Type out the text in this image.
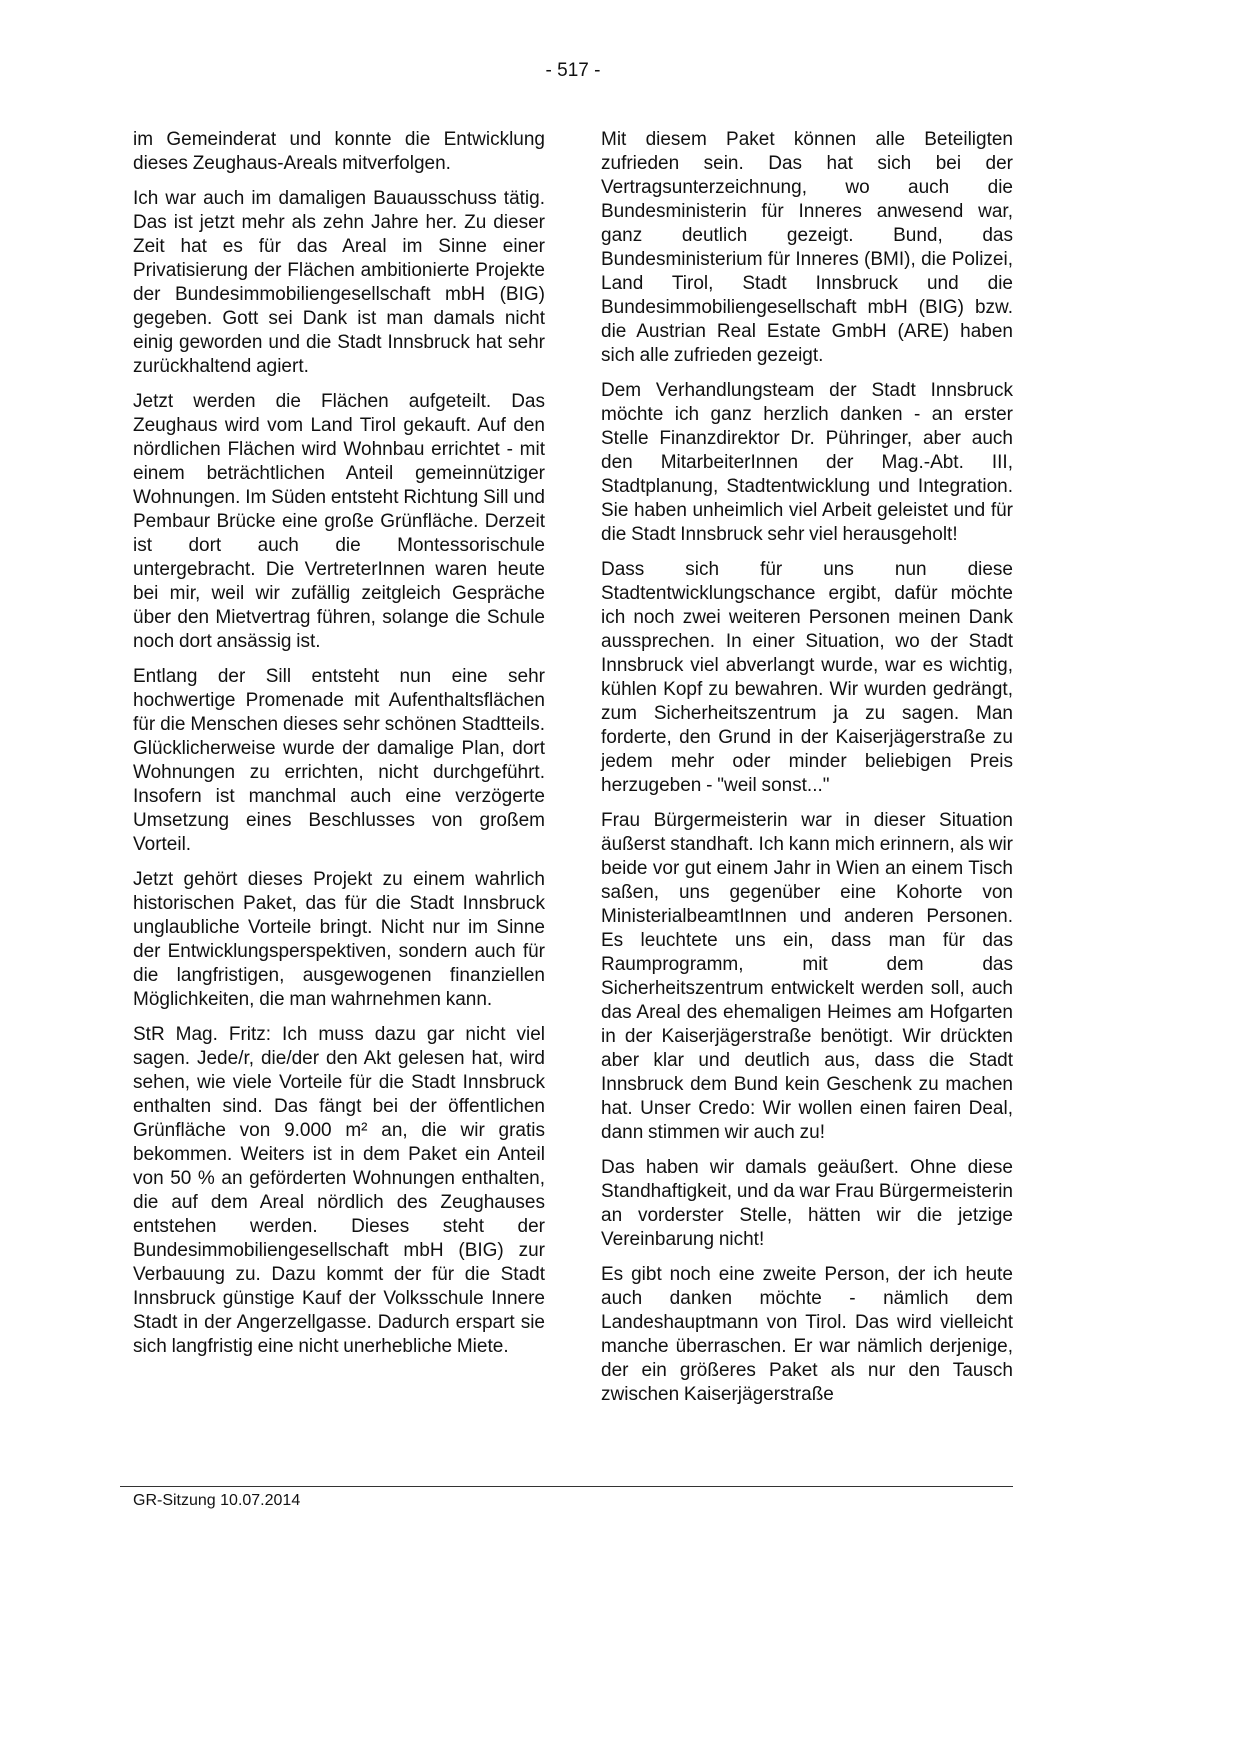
- 517 -

im Gemeinderat und konnte die Entwicklung dieses Zeughaus-Areals mitverfolgen.

Ich war auch im damaligen Bauausschuss tätig. Das ist jetzt mehr als zehn Jahre her. Zu dieser Zeit hat es für das Areal im Sinne einer Privatisierung der Flächen ambitionierte Projekte der Bundesimmobiliengesellschaft mbH (BIG) gegeben. Gott sei Dank ist man damals nicht einig geworden und die Stadt Innsbruck hat sehr zurückhaltend agiert.

Jetzt werden die Flächen aufgeteilt. Das Zeughaus wird vom Land Tirol gekauft. Auf den nördlichen Flächen wird Wohnbau errichtet - mit einem beträchtlichen Anteil gemeinnütziger Wohnungen. Im Süden entsteht Richtung Sill und Pembaur Brücke eine große Grünfläche. Derzeit ist dort auch die Montessorischule untergebracht. Die VertreterInnen waren heute bei mir, weil wir zufällig zeitgleich Gespräche über den Mietvertrag führen, solange die Schule noch dort ansässig ist.

Entlang der Sill entsteht nun eine sehr hochwertige Promenade mit Aufenthaltsflächen für die Menschen dieses sehr schönen Stadtteils. Glücklicherweise wurde der damalige Plan, dort Wohnungen zu errichten, nicht durchgeführt. Insofern ist manchmal auch eine verzögerte Umsetzung eines Beschlusses von großem Vorteil.

Jetzt gehört dieses Projekt zu einem wahrlich historischen Paket, das für die Stadt Innsbruck unglaubliche Vorteile bringt. Nicht nur im Sinne der Entwicklungsperspektiven, sondern auch für die langfristigen, ausgewogenen finanziellen Möglichkeiten, die man wahrnehmen kann.

StR Mag. Fritz: Ich muss dazu gar nicht viel sagen. Jede/r, die/der den Akt gelesen hat, wird sehen, wie viele Vorteile für die Stadt Innsbruck enthalten sind. Das fängt bei der öffentlichen Grünfläche von 9.000 m² an, die wir gratis bekommen. Weiters ist in dem Paket ein Anteil von 50 % an geförderten Wohnungen enthalten, die auf dem Areal nördlich des Zeughauses entstehen werden. Dieses steht der Bundesimmobiliengesellschaft mbH (BIG) zur Verbauung zu. Dazu kommt der für die Stadt Innsbruck günstige Kauf der Volksschule Innere Stadt in der Angerzellgasse. Dadurch erspart sie sich langfristig eine nicht unerhebliche Miete.

Mit diesem Paket können alle Beteiligten zufrieden sein. Das hat sich bei der Vertragsunterzeichnung, wo auch die Bundesministerin für Inneres anwesend war, ganz deutlich gezeigt. Bund, das Bundesministerium für Inneres (BMI), die Polizei, Land Tirol, Stadt Innsbruck und die Bundesimmobiliengesellschaft mbH (BIG) bzw. die Austrian Real Estate GmbH (ARE) haben sich alle zufrieden gezeigt.

Dem Verhandlungsteam der Stadt Innsbruck möchte ich ganz herzlich danken - an erster Stelle Finanzdirektor Dr. Pühringer, aber auch den MitarbeiterInnen der Mag.-Abt. III, Stadtplanung, Stadtentwicklung und Integration. Sie haben unheimlich viel Arbeit geleistet und für die Stadt Innsbruck sehr viel herausgeholt!

Dass sich für uns nun diese Stadtentwicklungschance ergibt, dafür möchte ich noch zwei weiteren Personen meinen Dank aussprechen. In einer Situation, wo der Stadt Innsbruck viel abverlangt wurde, war es wichtig, kühlen Kopf zu bewahren. Wir wurden gedrängt, zum Sicherheitszentrum ja zu sagen. Man forderte, den Grund in der Kaiserjägerstraße zu jedem mehr oder minder beliebigen Preis herzugeben - "weil sonst..."

Frau Bürgermeisterin war in dieser Situation äußerst standhaft. Ich kann mich erinnern, als wir beide vor gut einem Jahr in Wien an einem Tisch saßen, uns gegenüber eine Kohorte von MinisterialbeamtInnen und anderen Personen. Es leuchtete uns ein, dass man für das Raumprogramm, mit dem das Sicherheitszentrum entwickelt werden soll, auch das Areal des ehemaligen Heimes am Hofgarten in der Kaiserjägerstraße benötigt. Wir drückten aber klar und deutlich aus, dass die Stadt Innsbruck dem Bund kein Geschenk zu machen hat. Unser Credo: Wir wollen einen fairen Deal, dann stimmen wir auch zu!

Das haben wir damals geäußert. Ohne diese Standhaftigkeit, und da war Frau Bürgermeisterin an vorderster Stelle, hätten wir die jetzige Vereinbarung nicht!

Es gibt noch eine zweite Person, der ich heute auch danken möchte - nämlich dem Landeshauptmann von Tirol. Das wird vielleicht manche überraschen. Er war nämlich derjenige, der ein größeres Paket als nur den Tausch zwischen Kaiserjägerstraße

GR-Sitzung 10.07.2014
